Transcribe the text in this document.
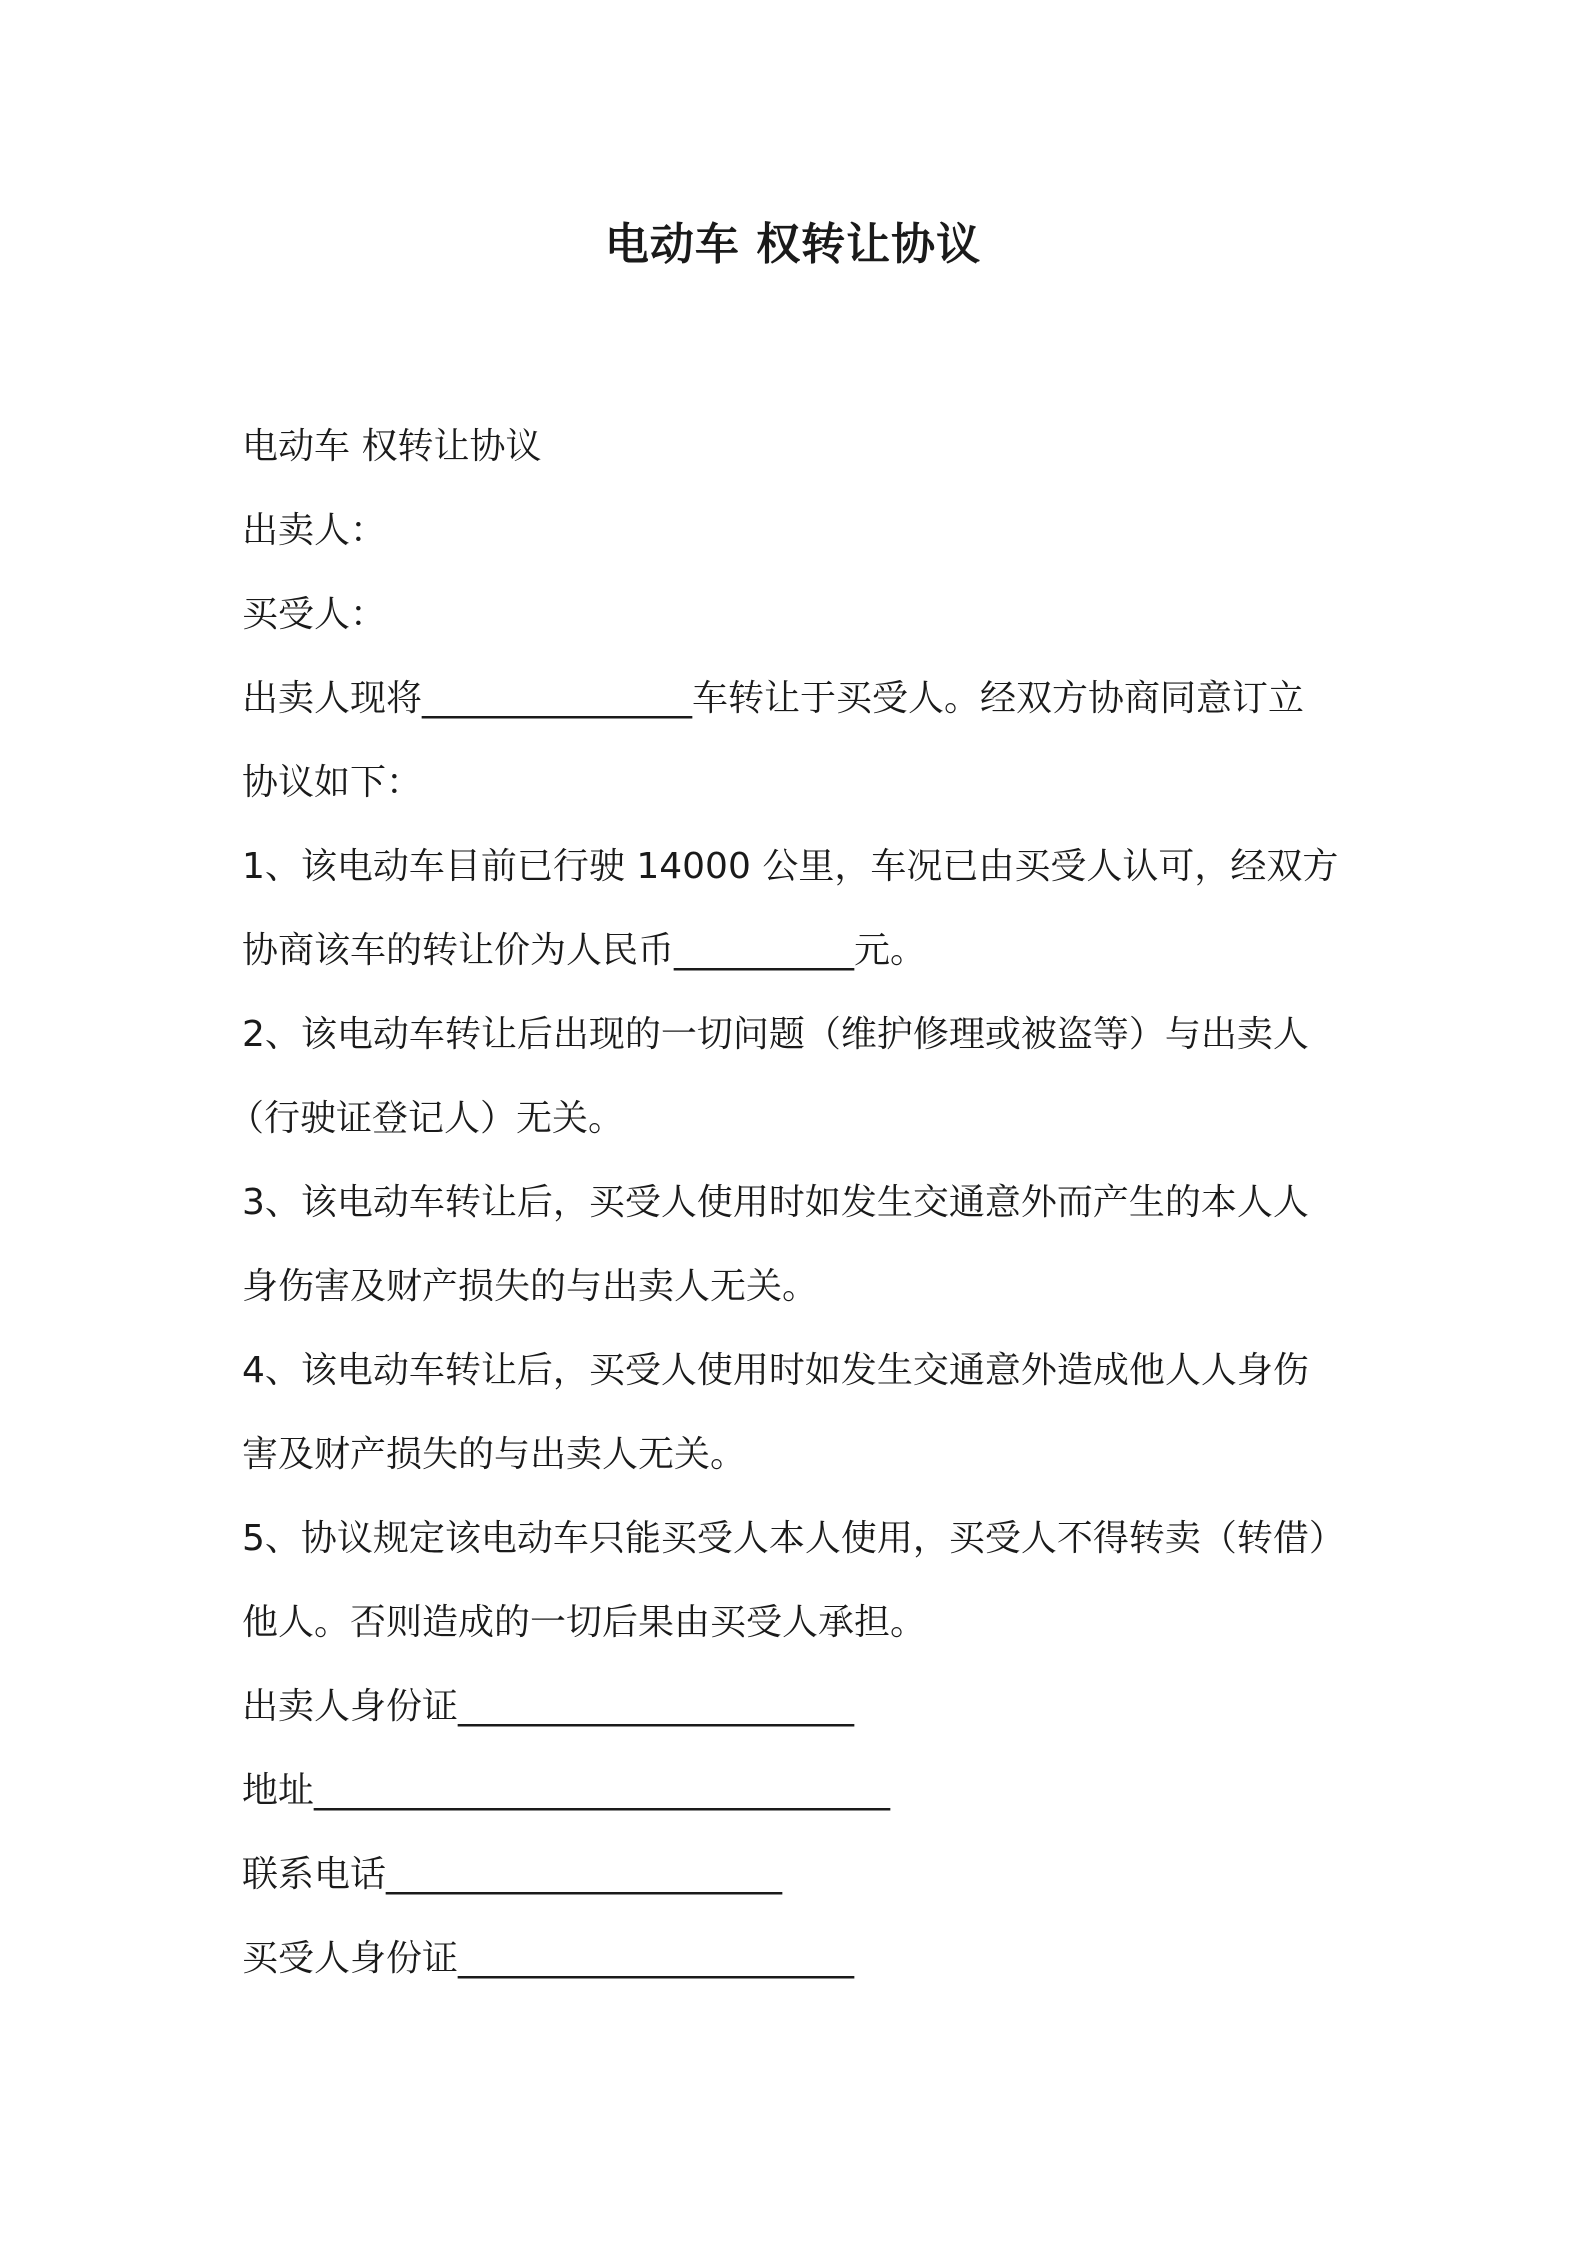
电动车 权转让协议

电动车 权转让协议

出卖人：

买受人：

出卖人现将_______________车转让于买受人。经双方协商同意订立

协议如下：

1、该电动车目前已行驶 14000 公里，车况已由买受人认可，经双方

协商该车的转让价为人民币__________元。

2、该电动车转让后出现的一切问题（维护修理或被盗等）与出卖人

（行驶证登记人）无关。

3、该电动车转让后，买受人使用时如发生交通意外而产生的本人人

身伤害及财产损失的与出卖人无关。

4、该电动车转让后，买受人使用时如发生交通意外造成他人人身伤

害及财产损失的与出卖人无关。

5、协议规定该电动车只能买受人本人使用，买受人不得转卖（转借）

他人。否则造成的一切后果由买受人承担。

出卖人身份证______________________

地址________________________________

联系电话______________________

买受人身份证______________________
